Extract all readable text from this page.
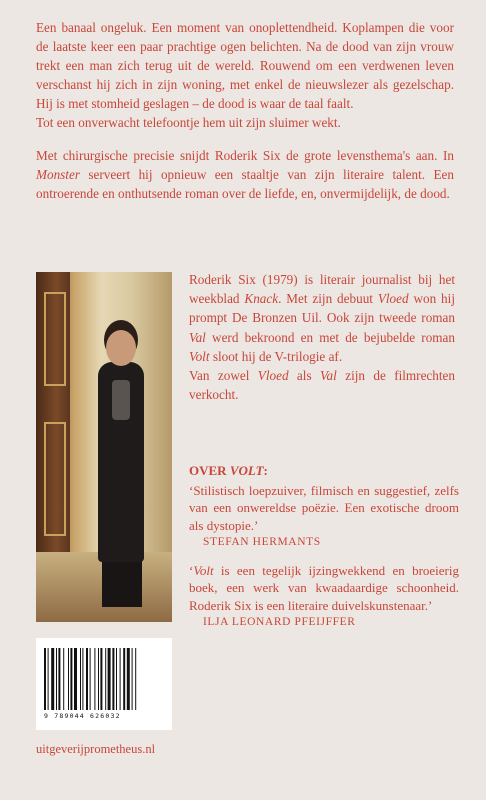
Een banaal ongeluk. Een moment van onoplettendheid. Koplampen die voor de laatste keer een paar prachtige ogen belichten. Na de dood van zijn vrouw trekt een man zich terug uit de wereld. Rouwend om een verdwenen leven verschanst hij zich in zijn woning, met enkel de nieuwslezer als gezelschap. Hij is met stomheid geslagen – de dood is waar de taal faalt.

Tot een onverwacht telefoontje hem uit zijn sluimer wekt.

Met chirurgische precisie snijdt Roderik Six de grote levensthema's aan. In Monster serveert hij opnieuw een staaltje van zijn literaire talent. Een ontroerende en onthutsende roman over de liefde, en, onvermijdelijk, de dood.

Roderik Six (1979) is literair journalist bij het weekblad Knack. Met zijn debuut Vloed won hij prompt De Bronzen Uil. Ook zijn tweede roman Val werd bekroond en met de bejubelde roman Volt sloot hij de V-trilogie af.

Van zowel Vloed als Val zijn de filmrechten verkocht.

OVER VOLT:

‘Stilistisch loepzuiver, filmisch en suggestief, zelfs van een onwereldse poëzie. Een exotische droom als dystopie.’

STEFAN HERMANTS

‘Volt is een tegelijk ijzingwekkend en broeierig boek, een werk van kwaadaardige schoonheid. Roderik Six is een literaire duivelskunstenaar.’

ILJA LEONARD PFEIJFFER

9 789044 626032
uitgeverijprometheus.nl
